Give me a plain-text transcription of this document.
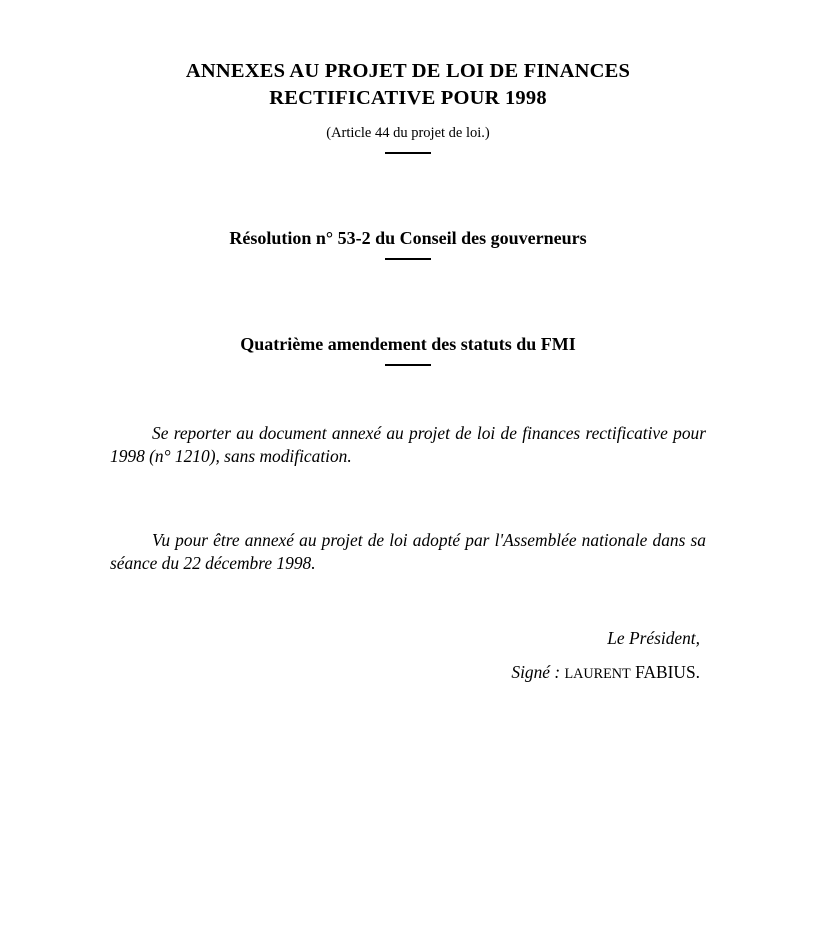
ANNEXES AU PROJET DE LOI DE FINANCES
RECTIFICATIVE POUR 1998
(Article 44 du projet de loi.)
Résolution n° 53-2 du Conseil des gouverneurs
Quatrième amendement des statuts du FMI

Se reporter au document annexé au projet de loi de finances rectificative pour 1998 (n° 1210), sans modification.

Vu pour être annexé au projet de loi adopté par l'Assemblée nationale dans sa séance du 22 décembre 1998.

Le Président,
Signé : LAURENT FABIUS.
